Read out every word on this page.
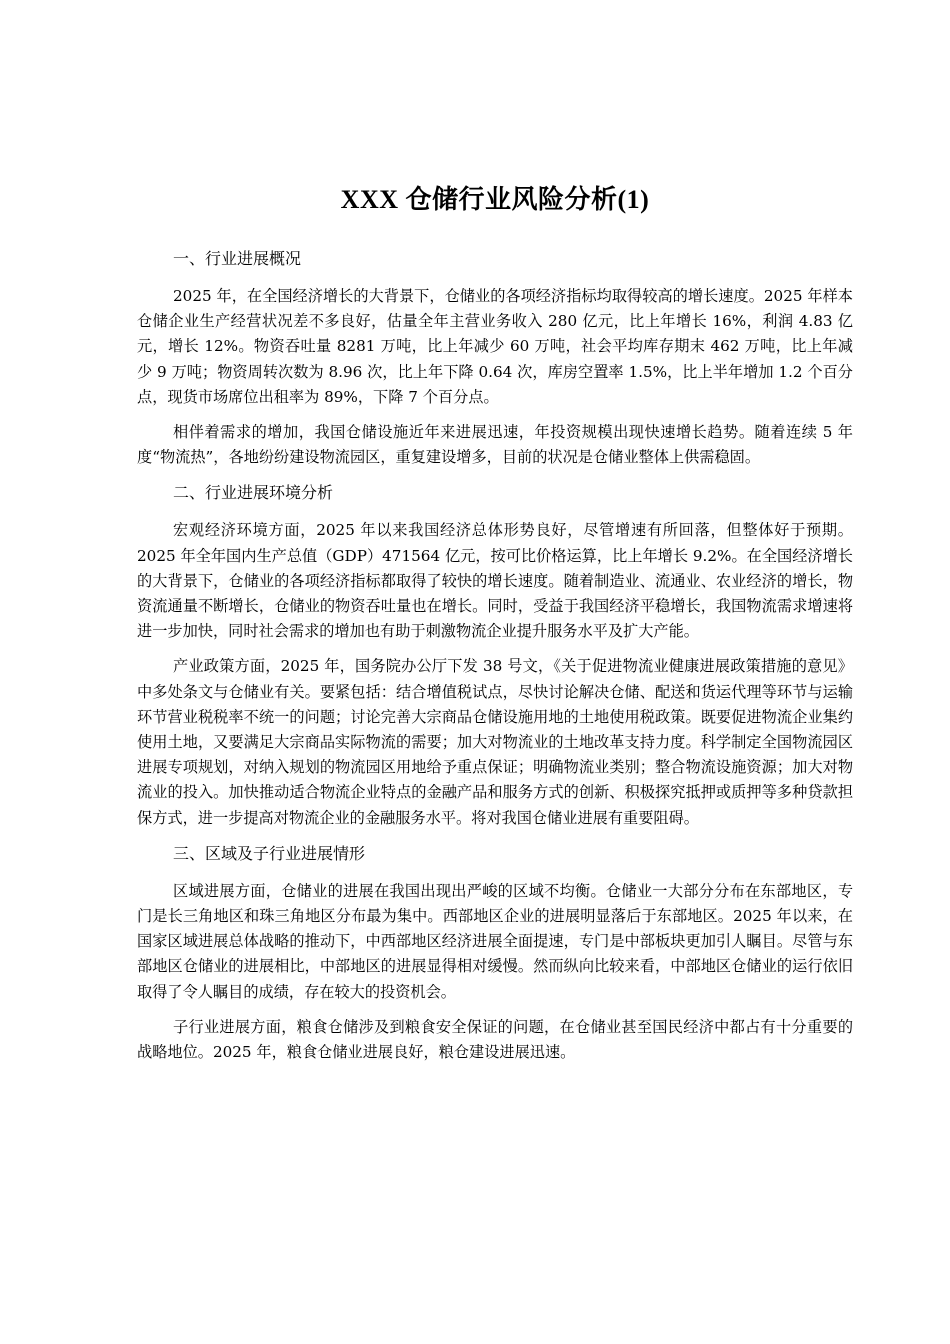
XXX 仓储行业风险分析(1)
一、行业进展概况

2025 年，在全国经济增长的大背景下，仓储业的各项经济指标均取得较高的增长速度。2025 年样本仓储企业生产经营状况差不多良好，估量全年主营业务收入 280 亿元，比上年增长 16%，利润 4.83 亿元，增长 12%。物资吞吐量 8281 万吨，比上年减少 60 万吨，社会平均库存期末 462 万吨，比上年减少 9 万吨；物资周转次数为 8.96 次，比上年下降 0.64 次，库房空置率 1.5%，比上半年增加 1.2 个百分点，现货市场席位出租率为 89%，下降 7 个百分点。

相伴着需求的增加，我国仓储设施近年来进展迅速，年投资规模出现快速增长趋势。随着连续 5 年度“物流热”，各地纷纷建设物流园区，重复建设增多，目前的状况是仓储业整体上供需稳固。

二、行业进展环境分析

宏观经济环境方面，2025 年以来我国经济总体形势良好，尽管增速有所回落，但整体好于预期。2025 年全年国内生产总值（GDP）471564 亿元，按可比价格运算，比上年增长 9.2%。在全国经济增长的大背景下，仓储业的各项经济指标都取得了较快的增长速度。随着制造业、流通业、农业经济的增长，物资流通量不断增长，仓储业的物资吞吐量也在增长。同时，受益于我国经济平稳增长，我国物流需求增速将进一步加快，同时社会需求的增加也有助于刺激物流企业提升服务水平及扩大产能。

产业政策方面，2025 年，国务院办公厅下发 38 号文，《关于促进物流业健康进展政策措施的意见》中多处条文与仓储业有关。要紧包括：结合增值税试点，尽快讨论解决仓储、配送和货运代理等环节与运输环节营业税税率不统一的问题；讨论完善大宗商品仓储设施用地的土地使用税政策。既要促进物流企业集约使用土地，又要满足大宗商品实际物流的需要；加大对物流业的土地改革支持力度。科学制定全国物流园区进展专项规划，对纳入规划的物流园区用地给予重点保证；明确物流业类别；整合物流设施资源；加大对物流业的投入。加快推动适合物流企业特点的金融产品和服务方式的创新、积极探究抵押或质押等多种贷款担保方式，进一步提高对物流企业的金融服务水平。将对我国仓储业进展有重要阻碍。

三、区域及子行业进展情形

区域进展方面，仓储业的进展在我国出现出严峻的区域不均衡。仓储业一大部分分布在东部地区，专门是长三角地区和珠三角地区分布最为集中。西部地区企业的进展明显落后于东部地区。2025 年以来，在国家区域进展总体战略的推动下，中西部地区经济进展全面提速，专门是中部板块更加引人瞩目。尽管与东部地区仓储业的进展相比，中部地区的进展显得相对缓慢。然而纵向比较来看，中部地区仓储业的运行依旧取得了令人瞩目的成绩，存在较大的投资机会。

子行业进展方面，粮食仓储涉及到粮食安全保证的问题，在仓储业甚至国民经济中都占有十分重要的战略地位。2025 年，粮食仓储业进展良好，粮仓建设进展迅速。
